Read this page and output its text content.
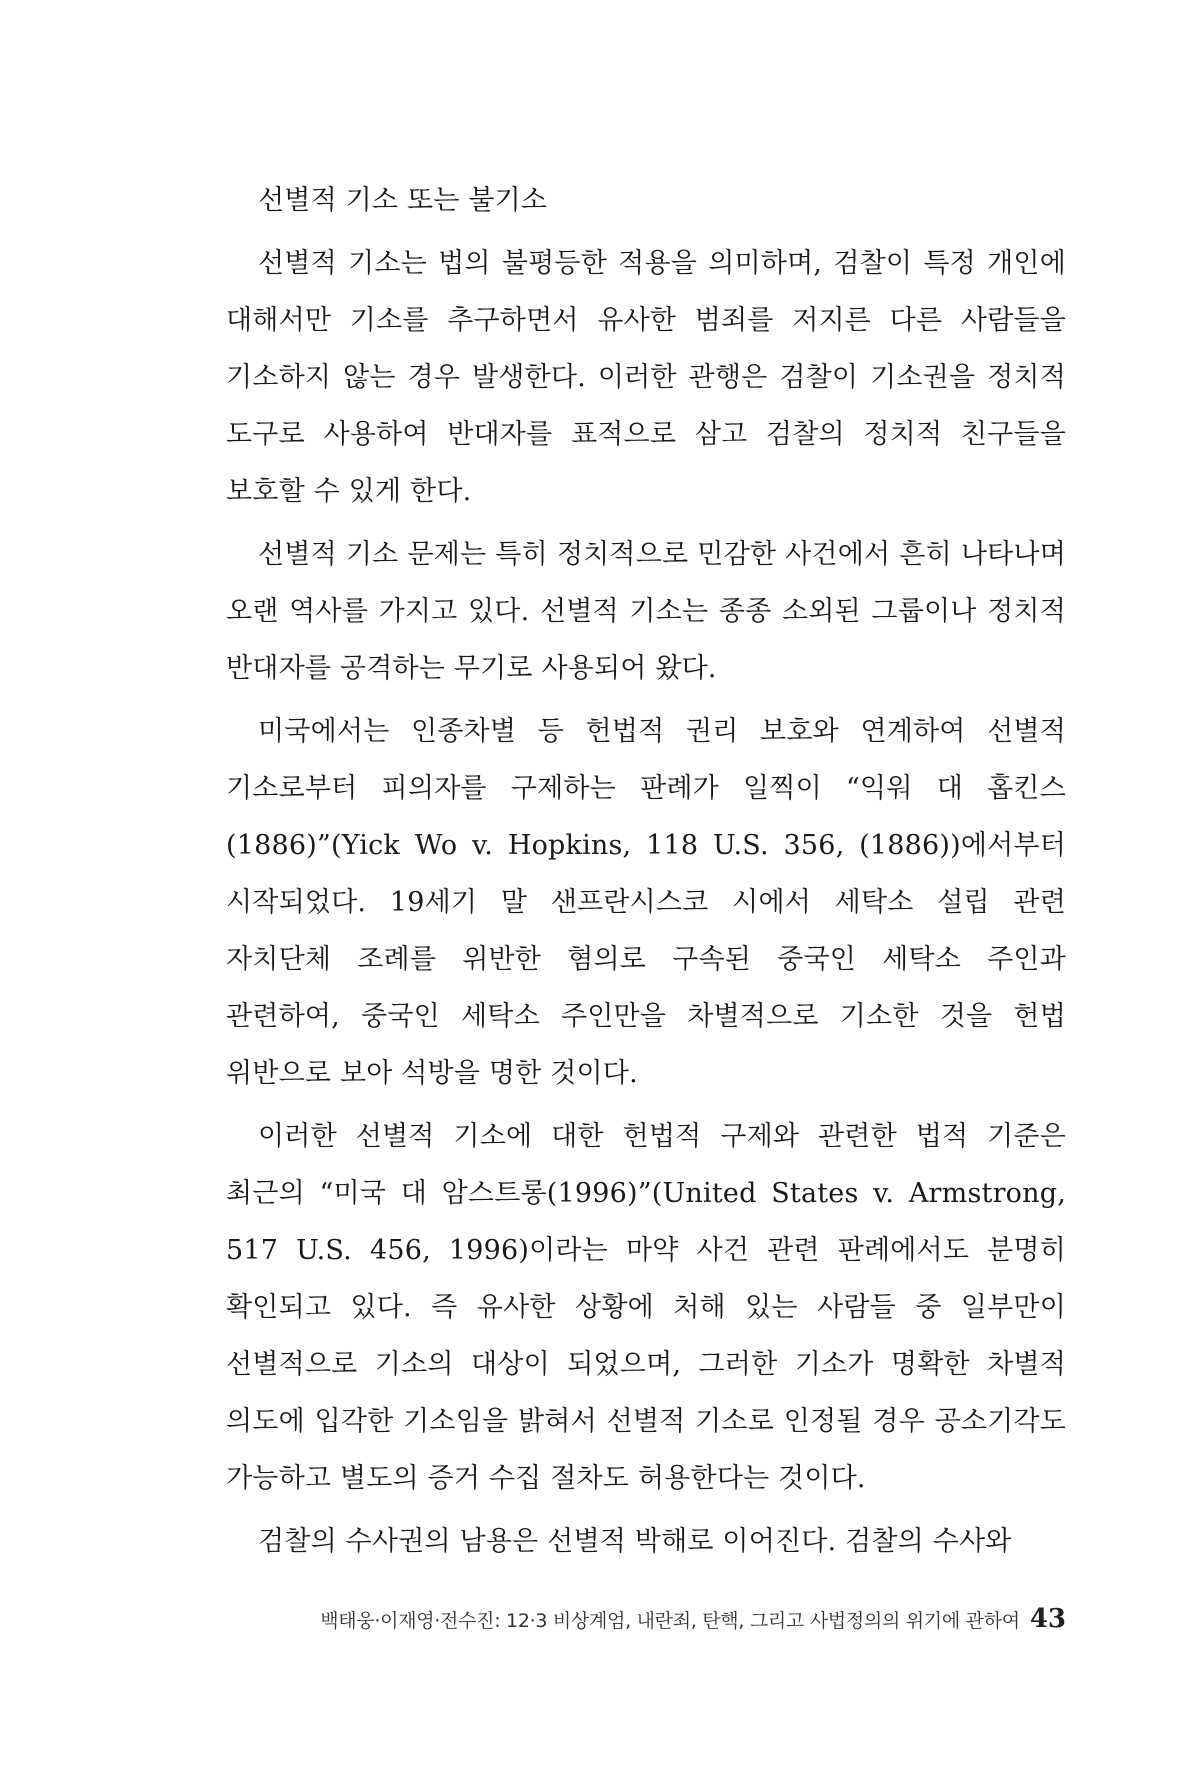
선별적 기소 또는 불기소

선별적 기소는 법의 불평등한 적용을 의미하며, 검찰이 특정 개인에 대해서만 기소를 추구하면서 유사한 범죄를 저지른 다른 사람들을 기소하지 않는 경우 발생한다. 이러한 관행은 검찰이 기소권을 정치적 도구로 사용하여 반대자를 표적으로 삼고 검찰의 정치적 친구들을 보호할 수 있게 한다.

선별적 기소 문제는 특히 정치적으로 민감한 사건에서 흔히 나타나며 오랜 역사를 가지고 있다. 선별적 기소는 종종 소외된 그룹이나 정치적 반대자를 공격하는 무기로 사용되어 왔다.

미국에서는 인종차별 등 헌법적 권리 보호와 연계하여 선별적 기소로부터 피의자를 구제하는 판례가 일찍이 “익워 대 홉킨스(1886)”(Yick Wo v. Hopkins, 118 U.S. 356, (1886))에서부터 시작되었다. 19세기 말 샌프란시스코 시에서 세탁소 설립 관련 자치단체 조례를 위반한 혐의로 구속된 중국인 세탁소 주인과 관련하여, 중국인 세탁소 주인만을 차별적으로 기소한 것을 헌법 위반으로 보아 석방을 명한 것이다.

이러한 선별적 기소에 대한 헌법적 구제와 관련한 법적 기준은 최근의 “미국 대 암스트롱(1996)”(United States v. Armstrong, 517 U.S. 456, 1996)이라는 마약 사건 관련 판례에서도 분명히 확인되고 있다. 즉 유사한 상황에 처해 있는 사람들 중 일부만이 선별적으로 기소의 대상이 되었으며, 그러한 기소가 명확한 차별적 의도에 입각한 기소임을 밝혀서 선별적 기소로 인정될 경우 공소기각도 가능하고 별도의 증거 수집 절차도 허용한다는 것이다.

검찰의 수사권의 남용은 선별적 박해로 이어진다. 검찰의 수사와

백태웅·이재영·전수진: 12·3 비상계엄, 내란죄, 탄핵, 그리고 사법정의의 위기에 관하여 43
